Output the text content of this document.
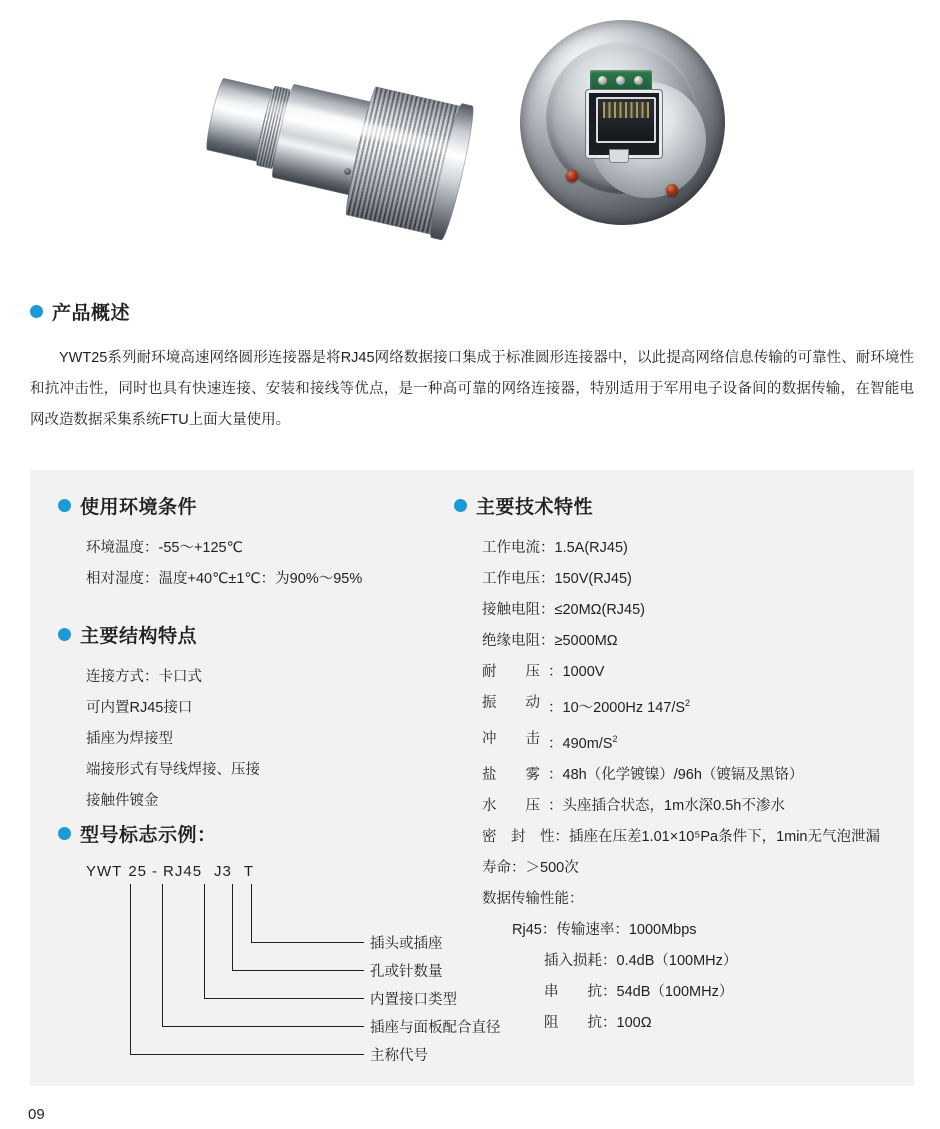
产品概述
YWT25系列耐环境高速网络圆形连接器是将RJ45网络数据接口集成于标准圆形连接器中，以此提高网络信息传输的可靠性、耐环境性和抗冲击性，同时也具有快速连接、安装和接线等优点，是一种高可靠的网络连接器，特别适用于军用电子设备间的数据传输，在智能电网改造数据采集系统FTU上面大量使用。
使用环境条件
环境温度：-55～+125℃
相对湿度：温度+40℃±1℃：为90%～95%
主要结构特点
连接方式：卡口式
可内置RJ45接口
插座为焊接型
端接形式有导线焊接、压接
接触件镀金
型号标志示例：
YWT 25 - RJ45 J3 T
插头或插座
孔或针数量
内置接口类型
插座与面板配合直径
主称代号
主要技术特性
工作电流：1.5A(RJ45)
工作电压：150V(RJ45)
接触电阻：≤20MΩ(RJ45)
绝缘电阻：≥5000MΩ
耐　　压 ：1000V
振　　动 ：10～2000Hz $147/S^2$
冲　　击 ：$490m/S^2$
盐　　雾 ：48h（化学镀镍）/96h（镀镉及黑铬）
水　　压 ：头座插合状态，1m水深0.5h不渗水
密　封　性：插座在压差1.01×10⁵Pa条件下，1min无气泡泄漏
寿命：＞500次
数据传输性能：
Rj45：传输速率：1000Mbps
插入损耗：0.4dB（100MHz）
串　　抗：54dB（100MHz）
阻　　抗：100Ω
09
